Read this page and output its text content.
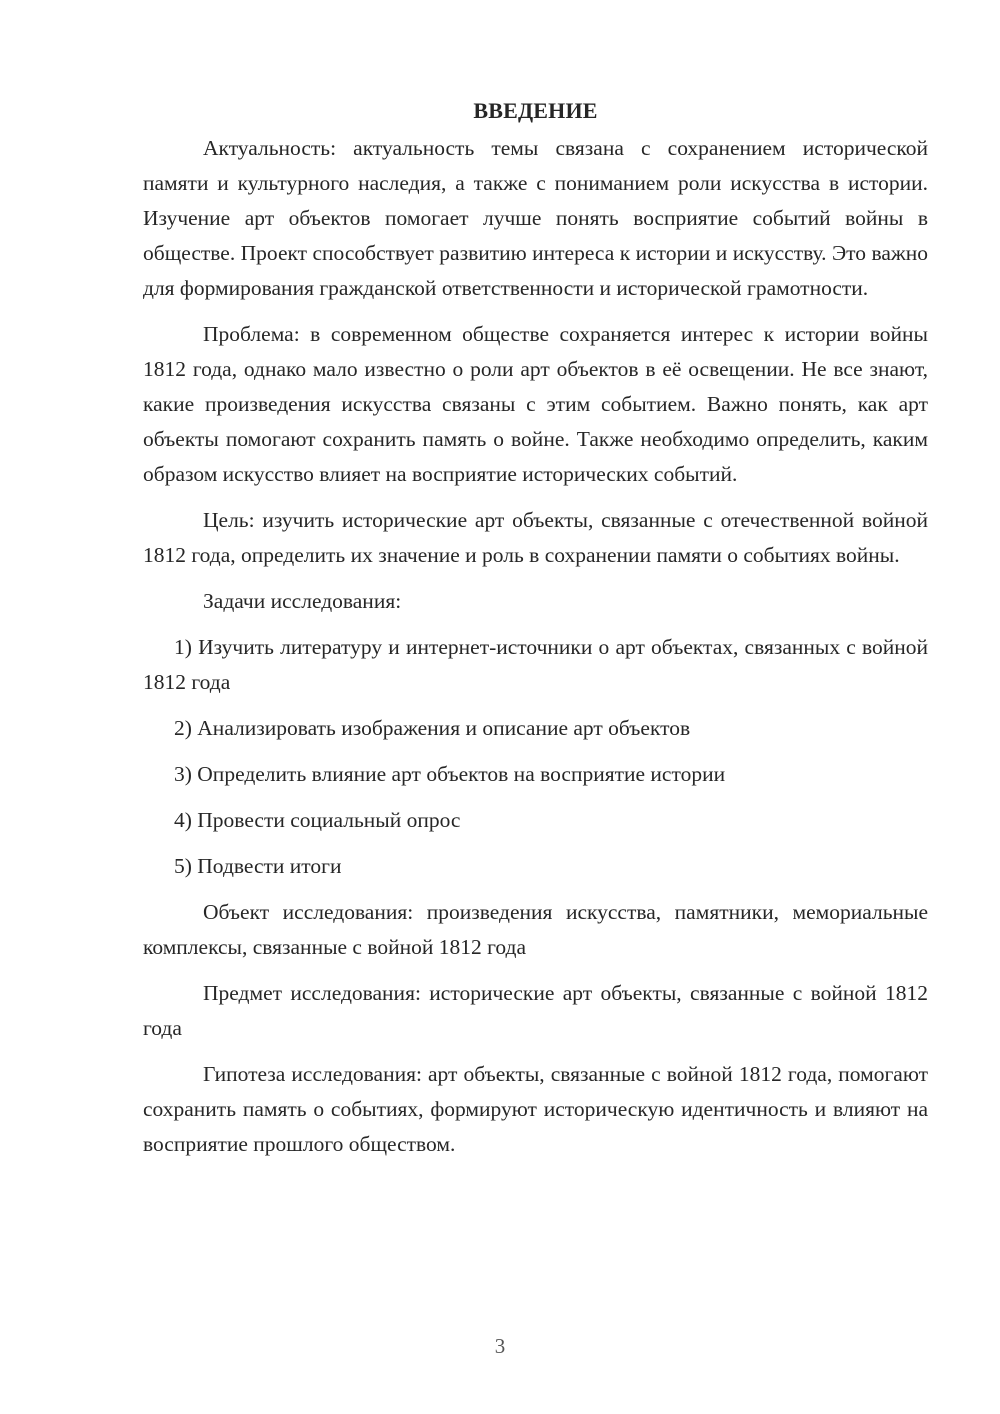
ВВЕДЕНИЕ

Актуальность: актуальность темы связана с сохранением исторической памяти и культурного наследия, а также с пониманием роли искусства в истории. Изучение арт объектов помогает лучше понять восприятие событий войны в обществе. Проект способствует развитию интереса к истории и искусству. Это важно для формирования гражданской ответственности и исторической грамотности.

Проблема: в современном обществе сохраняется интерес к истории войны 1812 года, однако мало известно о роли арт объектов в её освещении. Не все знают, какие произведения искусства связаны с этим событием. Важно понять, как арт объекты помогают сохранить память о войне. Также необходимо определить, каким образом искусство влияет на восприятие исторических событий.

Цель: изучить исторические арт объекты, связанные с отечественной войной 1812 года, определить их значение и роль в сохранении памяти о событиях войны.

Задачи исследования:

1) Изучить литературу и интернет-источники о арт объектах, связанных с войной 1812 года

2) Анализировать изображения и описание арт объектов

3) Определить влияние арт объектов на восприятие истории

4) Провести социальный опрос

5) Подвести итоги

Объект исследования: произведения искусства, памятники, мемориальные комплексы, связанные с войной 1812 года

Предмет исследования: исторические арт объекты, связанные с войной 1812 года

Гипотеза исследования: арт объекты, связанные с войной 1812 года, помогают сохранить память о событиях, формируют историческую идентичность и влияют на восприятие прошлого обществом.

3
